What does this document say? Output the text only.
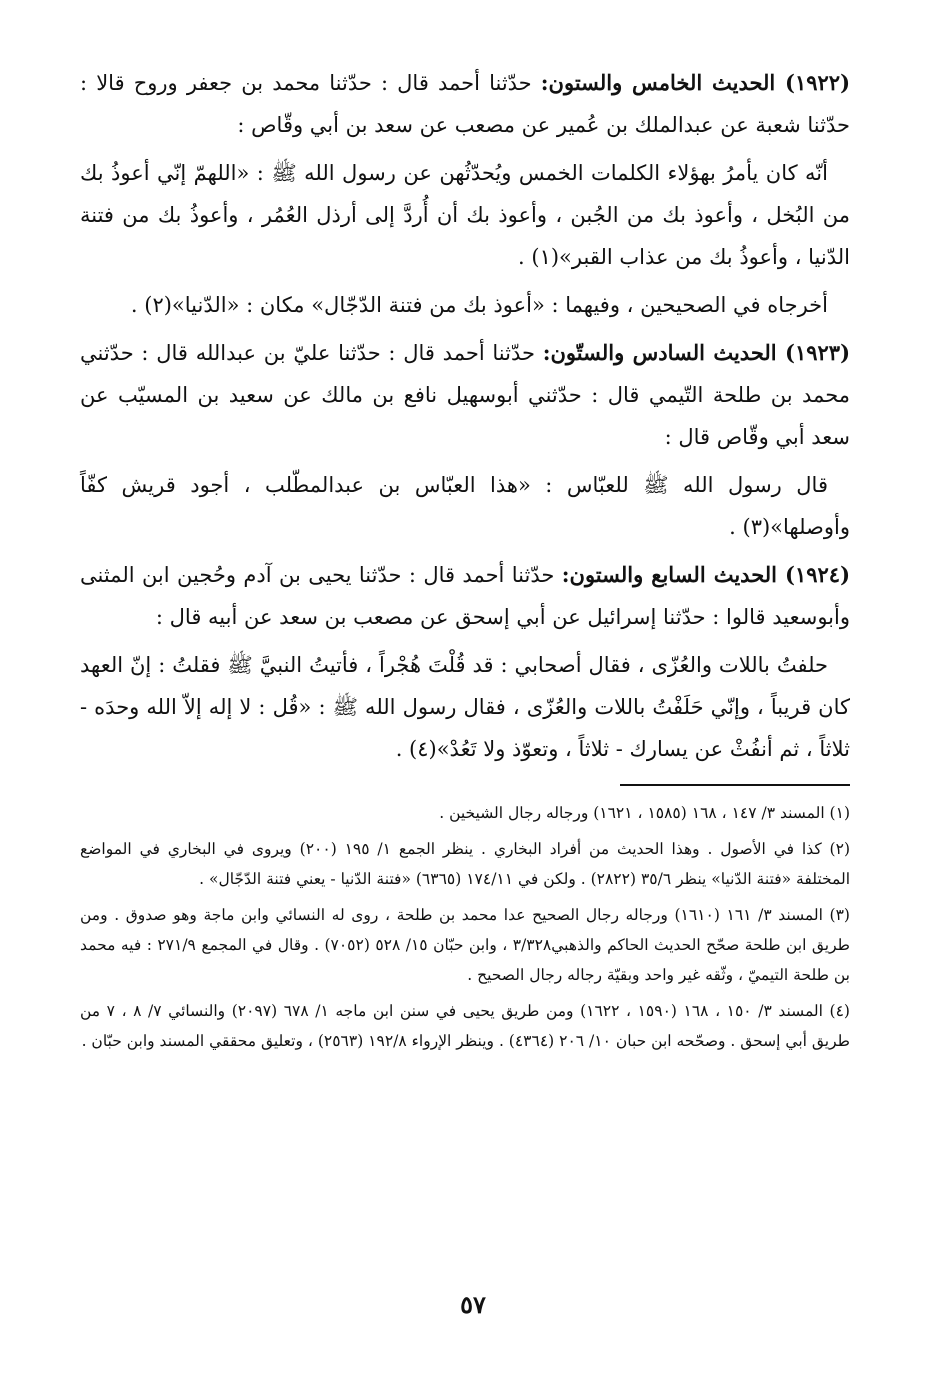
(١٩٢٢) الحديث الخامس والستون: حدّثنا أحمد قال : حدّثنا محمد بن جعفر وروح قالا : حدّثنا شعبة عن عبدالملك بن عُمير عن مصعب عن سعد بن أبي وقّاص :

أنّه كان يأمرُ بهؤلاء الكلمات الخمس ويُحدّثُهن عن رسول الله ﷺ : «اللهمّ إنّي أعوذُ بك من البُخل ، وأعوذ بك من الجُبن ، وأعوذ بك أن أُردَّ إلى أرذل العُمُر ، وأعوذُ بك من فتنة الدّنيا ، وأعوذُ بك من عذاب القبر»(١) .

أخرجاه في الصحيحين ، وفيهما : «أعوذ بك من فتنة الدّجّال» مكان : «الدّنيا»(٢) .

(١٩٢٣) الحديث السادس والستّون: حدّثنا أحمد قال : حدّثنا عليّ بن عبدالله قال : حدّثني محمد بن طلحة التّيمي قال : حدّثني أبوسهيل نافع بن مالك عن سعيد بن المسيّب عن سعد أبي وقّاص قال :

قال رسول الله ﷺ للعبّاس : «هذا العبّاس بن عبدالمطّلب ، أجود قريش كفّاً وأوصلها»(٣) .

(١٩٢٤) الحديث السابع والستون: حدّثنا أحمد قال : حدّثنا يحيى بن آدم وحُجين ابن المثنى وأبوسعيد قالوا : حدّثنا إسرائيل عن أبي إسحق عن مصعب بن سعد عن أبيه قال :

حلفتُ باللات والعُزّى ، فقال أصحابي : قد قُلْتَ هُجْراً ، فأتيتُ النبيَّ ﷺ فقلتُ : إنّ العهد كان قريباً ، وإنّي حَلَفْتُ باللات والعُزّى ، فقال رسول الله ﷺ : «قُل : لا إله إلاّ الله وحدَه - ثلاثاً ، ثم أنفُثْ عن يسارك - ثلاثاً ، وتعوّذ ولا تَعُدْ»(٤) .

(١) المسند ٣/ ١٤٧ ، ١٦٨ (١٥٨٥ ، ١٦٢١) ورجاله رجال الشيخين .

(٢) كذا في الأصول . وهذا الحديث من أفراد البخاري . ينظر الجمع ١/ ١٩٥ (٢٠٠) ويروى في البخاري في المواضع المختلفة «فتنة الدّنيا» ينظر ٣٥/٦ (٢٨٢٢) . ولكن في ١٧٤/١١ (٦٣٦٥) «فتنة الدّنيا - يعني فتنة الدّجّال» .

(٣) المسند ٣/ ١٦١ (١٦١٠) ورجاله رجال الصحيح عدا محمد بن طلحة ، روى له النسائي وابن ماجة وهو صدوق . ومن طريق ابن طلحة صحّح الحديث الحاكم والذهبي٣/٣٢٨ ، وابن حبّان ١٥/ ٥٢٨ (٧٠٥٢) . وقال في المجمع ٢٧١/٩ : فيه محمد بن طلحة التيميّ ، وثّقه غير واحد وبقيّة رجاله رجال الصحيح .

(٤) المسند ٣/ ١٥٠ ، ١٦٨ (١٥٩٠ ، ١٦٢٢) ومن طريق يحيى في سنن ابن ماجه ١/ ٦٧٨ (٢٠٩٧) والنسائي ٧/ ٨ ، ٧ من طريق أبي إسحق . وصحّحه ابن حبان ١٠/ ٢٠٦ (٤٣٦٤) . وينظر الإرواء ١٩٢/٨ (٢٥٦٣) ، وتعليق محققي المسند وابن حبّان .

٥٧
